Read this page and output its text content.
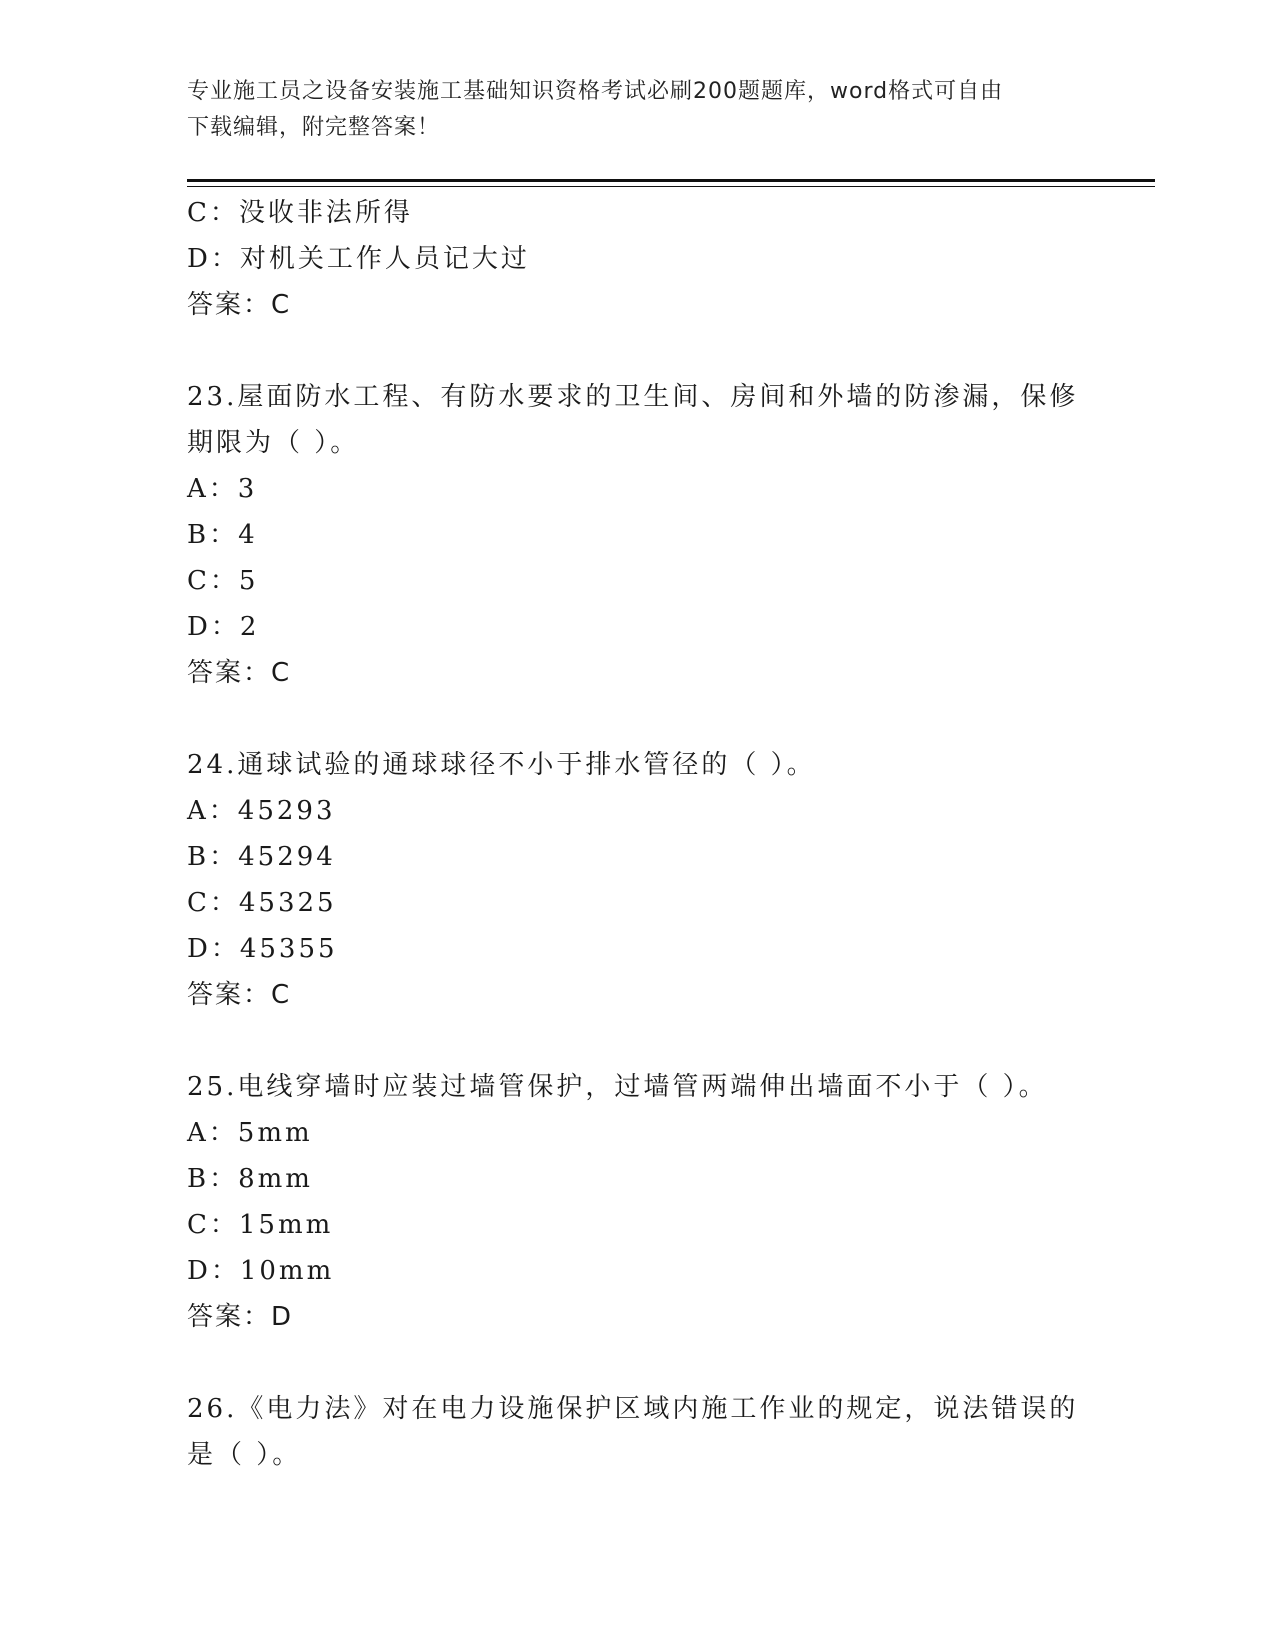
专业施工员之设备安装施工基础知识资格考试必刷200题题库，word格式可自由
下载编辑，附完整答案！
C：没收非法所得
D：对机关工作人员记大过
答案：C
23.屋面防水工程、有防水要求的卫生间、房间和外墙的防渗漏，保修
期限为（ ）。
A：3
B：4
C：5
D：2
答案：C
24.通球试验的通球球径不小于排水管径的（ ）。
A：45293
B：45294
C：45325
D：45355
答案：C
25.电线穿墙时应装过墙管保护，过墙管两端伸出墙面不小于（ ）。
A：5mm
B：8mm
C：15mm
D：10mm
答案：D
26.《电力法》对在电力设施保护区域内施工作业的规定，说法错误的
是（ ）。
